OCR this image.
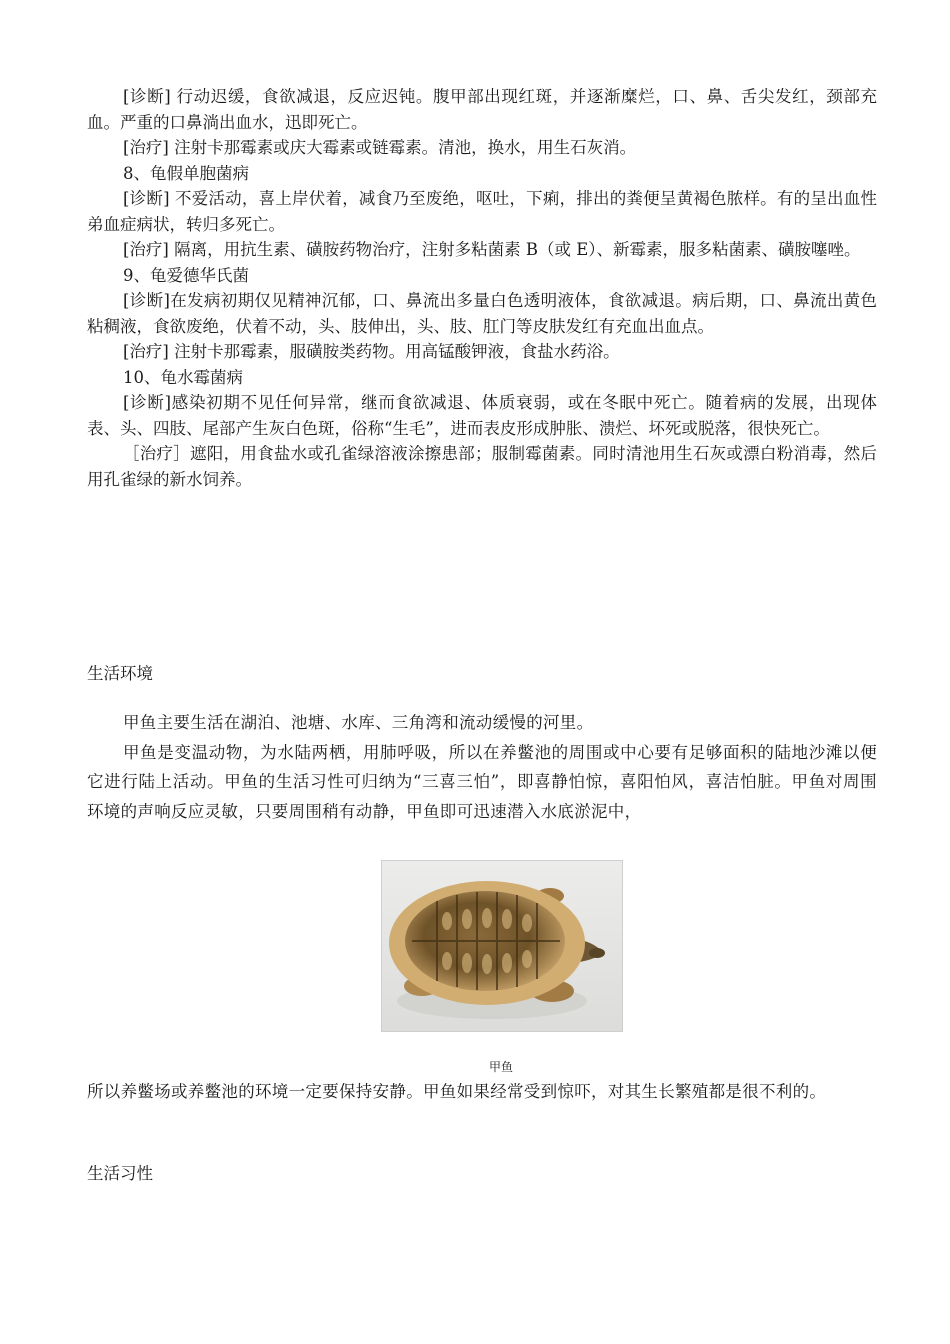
[诊断] 行动迟缓，食欲减退，反应迟钝。腹甲部出现红斑，并逐渐糜烂，口、鼻、舌尖发红，颈部充血。严重的口鼻淌出血水，迅即死亡。

[治疗] 注射卡那霉素或庆大霉素或链霉素。清池，换水，用生石灰消。

8、龟假单胞菌病

[诊断] 不爱活动，喜上岸伏着，减食乃至废绝，呕吐，下痢，排出的粪便呈黄褐色脓样。有的呈出血性弟血症病状，转归多死亡。

[治疗] 隔离，用抗生素、磺胺药物治疗，注射多粘菌素 B（或 E）、新霉素，服多粘菌素、磺胺噻唑。

9、龟爱德华氏菌

[诊断]在发病初期仅见精神沉郁，口、鼻流出多量白色透明液体，食欲减退。病后期，口、鼻流出黄色粘稠液，食欲废绝，伏着不动，头、肢伸出，头、肢、肛门等皮肤发红有充血出血点。

[治疗] 注射卡那霉素，服磺胺类药物。用高锰酸钾液，食盐水药浴。

10、龟水霉菌病

[诊断]感染初期不见任何异常，继而食欲减退、体质衰弱，或在冬眠中死亡。随着病的发展，出现体表、头、四肢、尾部产生灰白色斑，俗称“生毛”，进而表皮形成肿胀、溃烂、坏死或脱落，很快死亡。

［治疗］遮阳，用食盐水或孔雀绿溶液涂擦患部；服制霉菌素。同时清池用生石灰或漂白粉消毒，然后用孔雀绿的新水饲养。

生活环境

甲鱼主要生活在湖泊、池塘、水库、三角湾和流动缓慢的河里。

甲鱼是变温动物，为水陆两栖，用肺呼吸，所以在养鳖池的周围或中心要有足够面积的陆地沙滩以便它进行陆上活动。甲鱼的生活习性可归纳为“三喜三怕”，即喜静怕惊，喜阳怕风，喜洁怕脏。甲鱼对周围环境的声响反应灵敏，只要周围稍有动静，甲鱼即可迅速潜入水底淤泥中，

甲鱼

所以养鳖场或养鳖池的环境一定要保持安静。甲鱼如果经常受到惊吓，对其生长繁殖都是很不利的。

生活习性
